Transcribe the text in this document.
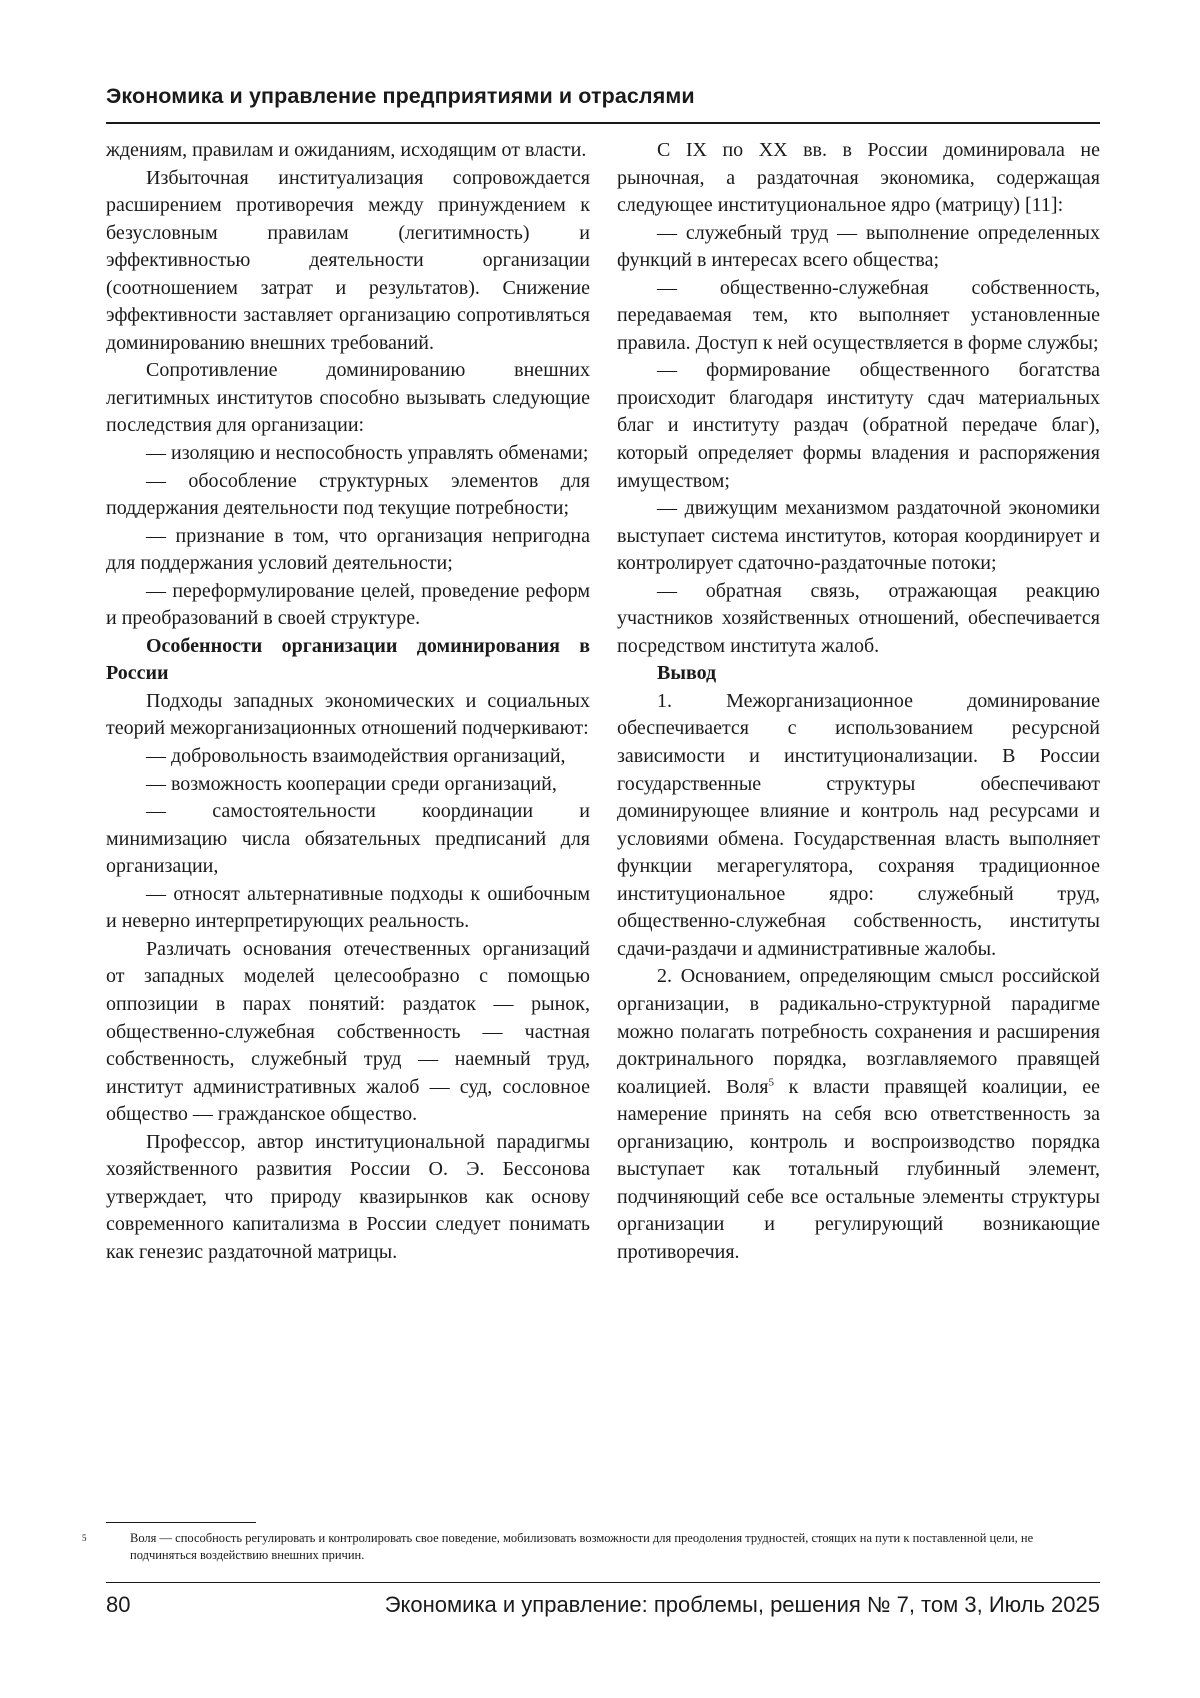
Экономика и управление предприятиями и отраслями

ждениям, правилам и ожиданиям, исходящим от власти.

Избыточная институализация сопровождается расширением противоречия между принуждением к безусловным правилам (легитимность) и эффективностью деятельности организации (соотношением затрат и результатов). Снижение эффективности заставляет организацию сопротивляться доминированию внешних требований.

Сопротивление доминированию внешних легитимных институтов способно вызывать следующие последствия для организации:

— изоляцию и неспособность управлять обменами;

— обособление структурных элементов для поддержания деятельности под текущие потребности;

— признание в том, что организация непригодна для поддержания условий деятельности;

— переформулирование целей, проведение реформ и преобразований в своей структуре.

Особенности организации доминирования в России

Подходы западных экономических и социальных теорий межорганизационных отношений подчеркивают:

— добровольность взаимодействия организаций,

— возможность кооперации среди организаций,

— самостоятельности координации и минимизацию числа обязательных предписаний для организации,

— относят альтернативные подходы к ошибочным и неверно интерпретирующих реальность.

Различать основания отечественных организаций от западных моделей целесообразно с помощью оппозиции в парах понятий: раздаток — рынок, общественно-служебная собственность — частная собственность, служебный труд — наемный труд, институт административных жалоб — суд, сословное общество — гражданское общество.

Профессор, автор институциональной парадигмы хозяйственного развития России О. Э. Бессонова утверждает, что природу квазирынков как основу современного капитализма в России следует понимать как генезис раздаточной матрицы.

С IX по XX вв. в России доминировала не рыночная, а раздаточная экономика, содержащая следующее институциональное ядро (матрицу) [11]:

— служебный труд — выполнение определенных функций в интересах всего общества;

— общественно-служебная собственность, передаваемая тем, кто выполняет установленные правила. Доступ к ней осуществляется в форме службы;

— формирование общественного богатства происходит благодаря институту сдач материальных благ и институту раздач (обратной передаче благ), который определяет формы владения и распоряжения имуществом;

— движущим механизмом раздаточной экономики выступает система институтов, которая координирует и контролирует сдаточно-раздаточные потоки;

— обратная связь, отражающая реакцию участников хозяйственных отношений, обеспечивается посредством института жалоб.

Вывод

1. Межорганизационное доминирование обеспечивается с использованием ресурсной зависимости и институционализации. В России государственные структуры обеспечивают доминирующее влияние и контроль над ресурсами и условиями обмена. Государственная власть выполняет функции мегарегулятора, сохраняя традиционное институциональное ядро: служебный труд, общественно-служебная собственность, институты сдачи-раздачи и административные жалобы.

2. Основанием, определяющим смысл российской организации, в радикально-структурной парадигме можно полагать потребность сохранения и расширения доктринального порядка, возглавляемого правящей коалицией. Воля$^5$ к власти правящей коалиции, ее намерение принять на себя всю ответственность за организацию, контроль и воспроизводство порядка выступает как тотальный глубинный элемент, подчиняющий себе все остальные элементы структуры организации и регулирующий возникающие противоречия.

5	Воля — способность регулировать и контролировать свое поведение, мобилизовать возможности для преодоления трудностей, стоящих на пути к поставленной цели, не подчиняться воздействию внешних причин.
80	Экономика и управление: проблемы, решения № 7, том 3, Июль 2025
